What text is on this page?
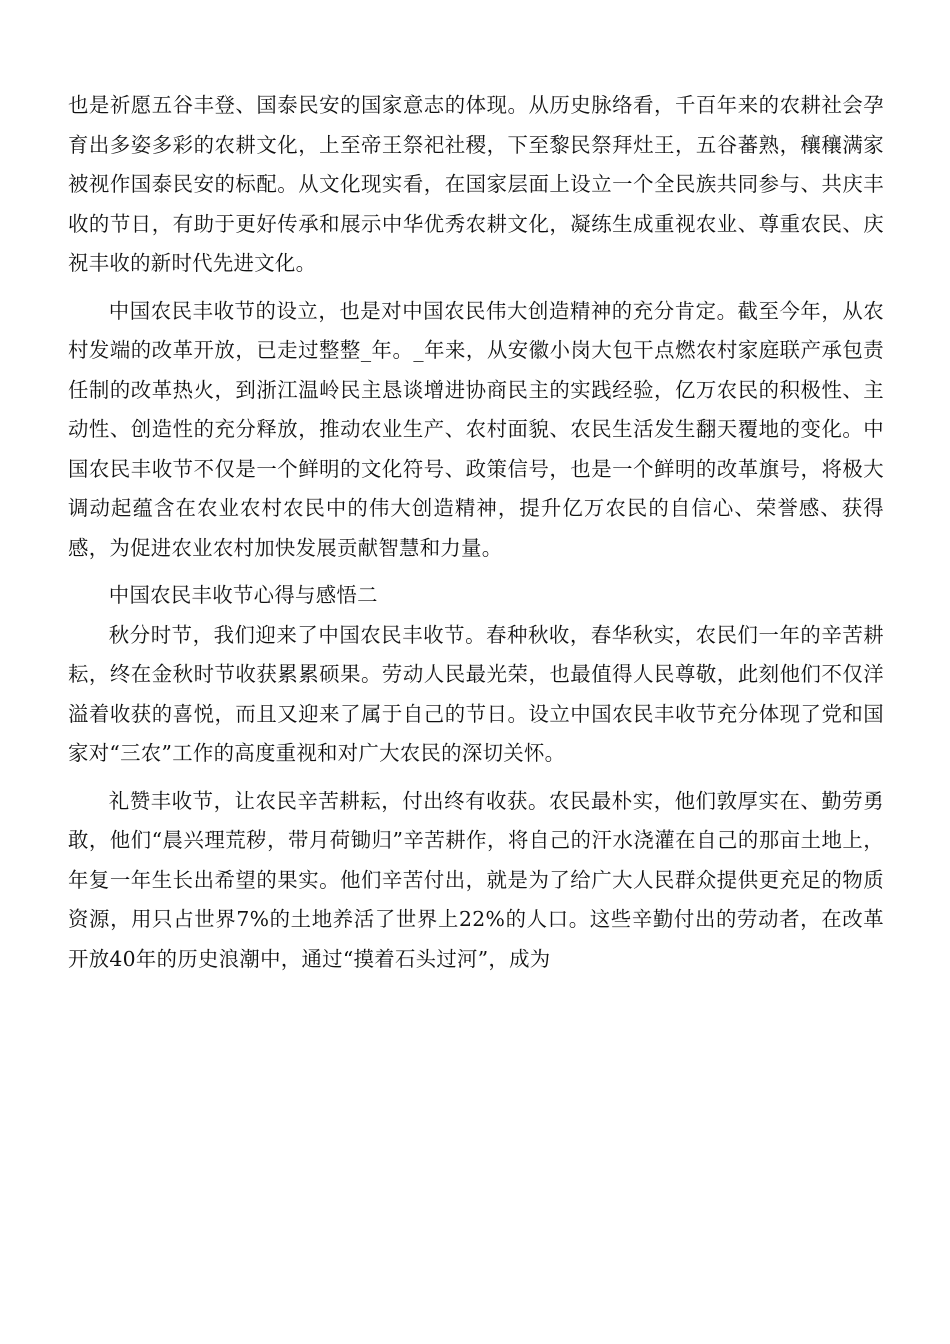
也是祈愿五谷丰登、国泰民安的国家意志的体现。从历史脉络看，千百年来的农耕社会孕育出多姿多彩的农耕文化，上至帝王祭祀社稷，下至黎民祭拜灶王，五谷蕃熟，穰穰满家被视作国泰民安的标配。从文化现实看，在国家层面上设立一个全民族共同参与、共庆丰收的节日，有助于更好传承和展示中华优秀农耕文化，凝练生成重视农业、尊重农民、庆祝丰收的新时代先进文化。

中国农民丰收节的设立，也是对中国农民伟大创造精神的充分肯定。截至今年，从农村发端的改革开放，已走过整整_年。_年来，从安徽小岗大包干点燃农村家庭联产承包责任制的改革热火，到浙江温岭民主恳谈增进协商民主的实践经验，亿万农民的积极性、主动性、创造性的充分释放，推动农业生产、农村面貌、农民生活发生翻天覆地的变化。中国农民丰收节不仅是一个鲜明的文化符号、政策信号，也是一个鲜明的改革旗号，将极大调动起蕴含在农业农村农民中的伟大创造精神，提升亿万农民的自信心、荣誉感、获得感，为促进农业农村加快发展贡献智慧和力量。

中国农民丰收节心得与感悟二

秋分时节，我们迎来了中国农民丰收节。春种秋收，春华秋实，农民们一年的辛苦耕耘，终在金秋时节收获累累硕果。劳动人民最光荣，也最值得人民尊敬，此刻他们不仅洋溢着收获的喜悦，而且又迎来了属于自己的节日。设立中国农民丰收节充分体现了党和国家对“三农”工作的高度重视和对广大农民的深切关怀。

礼赞丰收节，让农民辛苦耕耘，付出终有收获。农民最朴实，他们敦厚实在、勤劳勇敢，他们“晨兴理荒秽，带月荷锄归”辛苦耕作，将自己的汗水浇灌在自己的那亩土地上，年复一年生长出希望的果实。他们辛苦付出，就是为了给广大人民群众提供更充足的物质资源，用只占世界7%的土地养活了世界上22%的人口。这些辛勤付出的劳动者，在改革开放40年的历史浪潮中，通过“摸着石头过河”，成为
